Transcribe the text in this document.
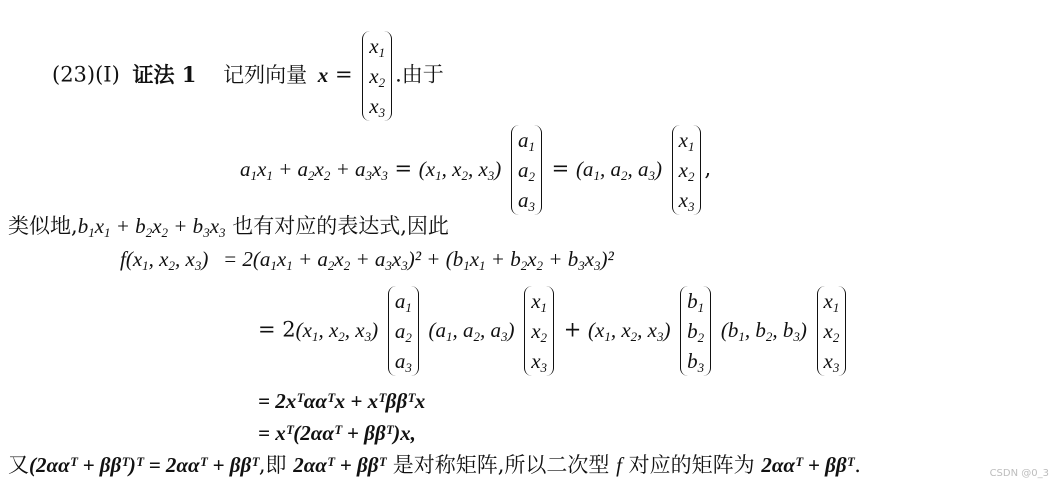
(23)(Ⅰ) 证法 1 记列向量 x =
$x_1$
$x_2$
$x_3$
.由于
$a_1x_1 + a_2x_2 + a_3x_3 = (x_1$, $x_2$, $x_3$)
$a_1$
$a_2$
$a_3$
= ($a_1$, $a_2$, $a_3$)
$x_1$
$x_2$
$x_3$
,
类似地$,b_1x_1 + b_2x_2 + b_3x_3$ 也有对应的表达式,因此
$f(x_1$, $x_2$, $x_3) = 2(a_1x_1 + a_2x_2 + a_3x_3)^2 + (b_1x_1 + b_2x_2 + b_3x_3)^2$
= $2(x_1$, $x_2$, $x_3$)
$a_1$
$a_2$
$a_3$
($a_1$, $a_2$, $a_3$)
$x_1$
$x_2$
$x_3$
+ ($x_1$, $x_2$, $x_3$)
$b_1$
$b_2$
$b_3$
($b_1$, $b_2$, $b_3$)
$x_1$
$x_2$
$x_3$
= 2xᵀααᵀx + xᵀββᵀx
= xᵀ(2ααᵀ + ββᵀ)x,
又(2ααᵀ + ββᵀ)ᵀ = 2ααᵀ + ββᵀ,即 2ααᵀ + ββᵀ 是对称矩阵,所以二次型 f 对应的矩阵为 2ααᵀ + ββᵀ.	CSDN @0_3
